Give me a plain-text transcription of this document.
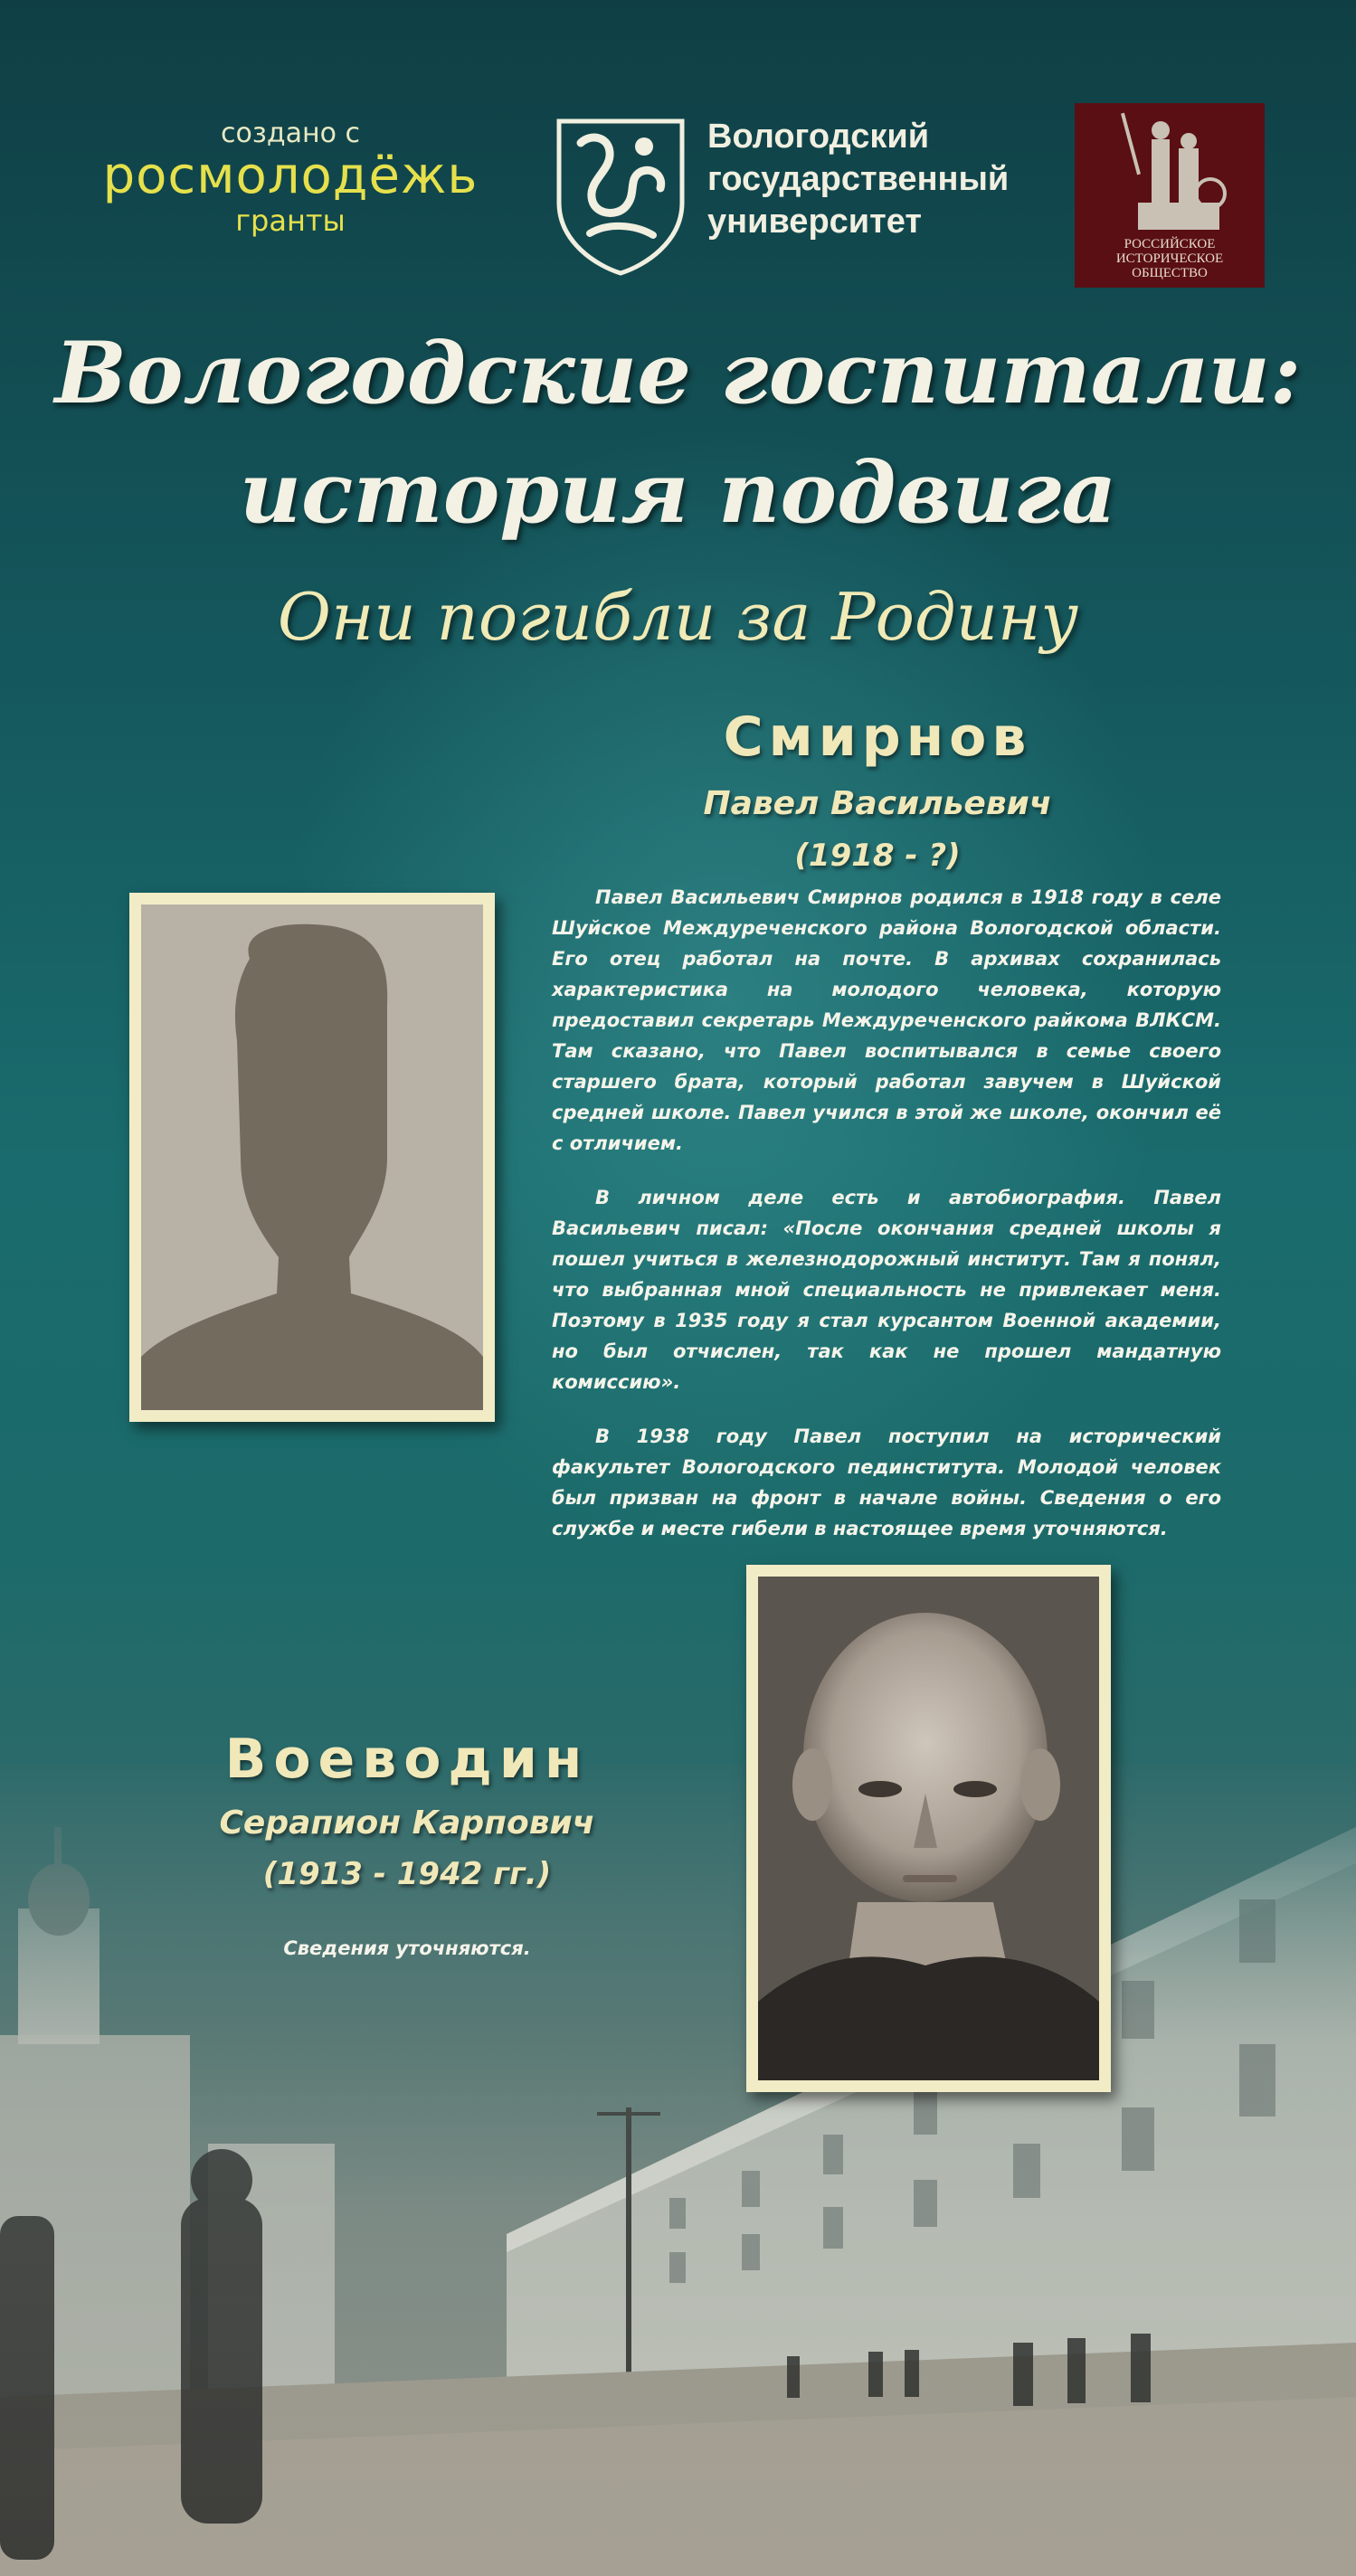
создано с
росмолодёжь
гранты
Вологодский
государственный
университет
РОССИЙСКОЕ
ИСТОРИЧЕСКОЕ
ОБЩЕСТВО
Вологодские госпитали:
история подвига
Они погибли за Родину
Смирнов
Павел Васильевич
(1918 - ?)

Павел Васильевич Смирнов родился в 1918 году в селе Шуйское Междуреченского района Вологодской области. Его отец работал на почте. В архивах сохранилась характеристика на молодого человека, которую предоставил секретарь Междуреченского райкома ВЛКСМ. Там сказано, что Павел воспитывался в семье своего старшего брата, который работал завучем в Шуйской средней школе. Павел учился в этой же школе, окончил её с отличием.

В личном деле есть и автобиография. Павел Васильевич писал: «После окончания средней школы я пошел учиться в железнодорожный институт. Там я понял, что выбранная мной специальность не привлекает меня. Поэтому в 1935 году я стал курсантом Военной академии, но был отчислен, так как не прошел мандатную комиссию».

В 1938 году Павел поступил на исторический факультет Вологодского пединститута. Молодой человек был призван на фронт в начале войны. Сведения о его службе и месте гибели в настоящее время уточняются.

Воеводин
Серапион Карпович
(1913 - 1942 гг.)
Сведения уточняются.
